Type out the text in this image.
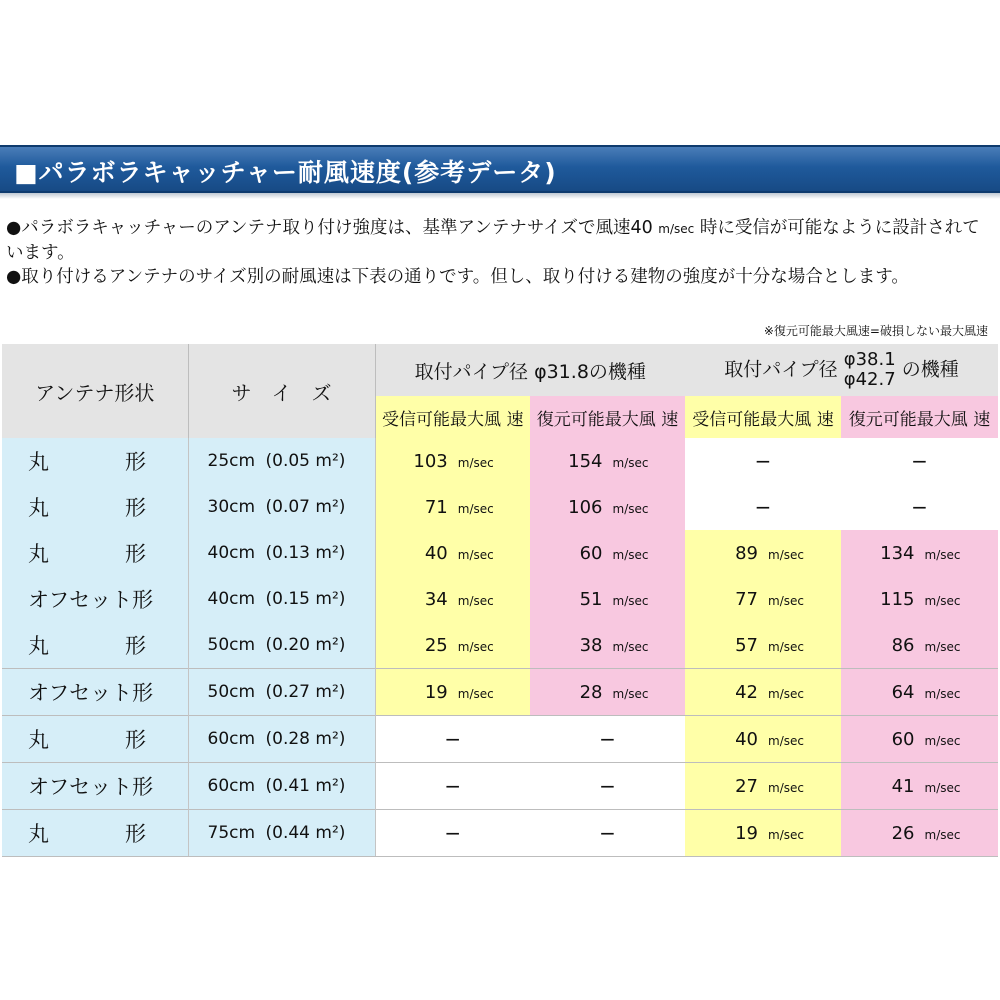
■パラボラキャッチャー耐風速度(参考データ)

●パラボラキャッチャーのアンテナ取り付け強度は、基準アンテナサイズで風速40 m/sec 時に受信が可能なように設計されています。

●取り付けるアンテナのサイズ別の耐風速は下表の通りです。但し、取り付ける建物の強度が十分な場合とします。

※復元可能最大風速=破損しない最大風速
アンテナ形状	サ　イ　ズ	取付パイプ径 φ31.8の機種		取付パイプ径 φ38.1
φ42.7 の機種	
		受信可能最大風 速	復元可能最大風 速	受信可能最大風 速	復元可能最大風 速

丸 形	25cm (0.05 m²)	103 m/sec	154 m/sec	−	−

丸 形	30cm (0.07 m²)	71 m/sec	106 m/sec	−	−

丸 形	40cm (0.13 m²)	40 m/sec	60 m/sec	89 m/sec	134 m/sec
オフセット形	40cm (0.15 m²)	34 m/sec	51 m/sec	77 m/sec	115 m/sec

丸 形	50cm (0.20 m²)	25 m/sec	38 m/sec	57 m/sec	86 m/sec
オフセット形	50cm (0.27 m²)	19 m/sec	28 m/sec	42 m/sec	64 m/sec

丸 形	60cm (0.28 m²)	−	−	40 m/sec	60 m/sec
オフセット形	60cm (0.41 m²)	−	−	27 m/sec	41 m/sec

丸 形	75cm (0.44 m²)	−	−	19 m/sec	26 m/sec
